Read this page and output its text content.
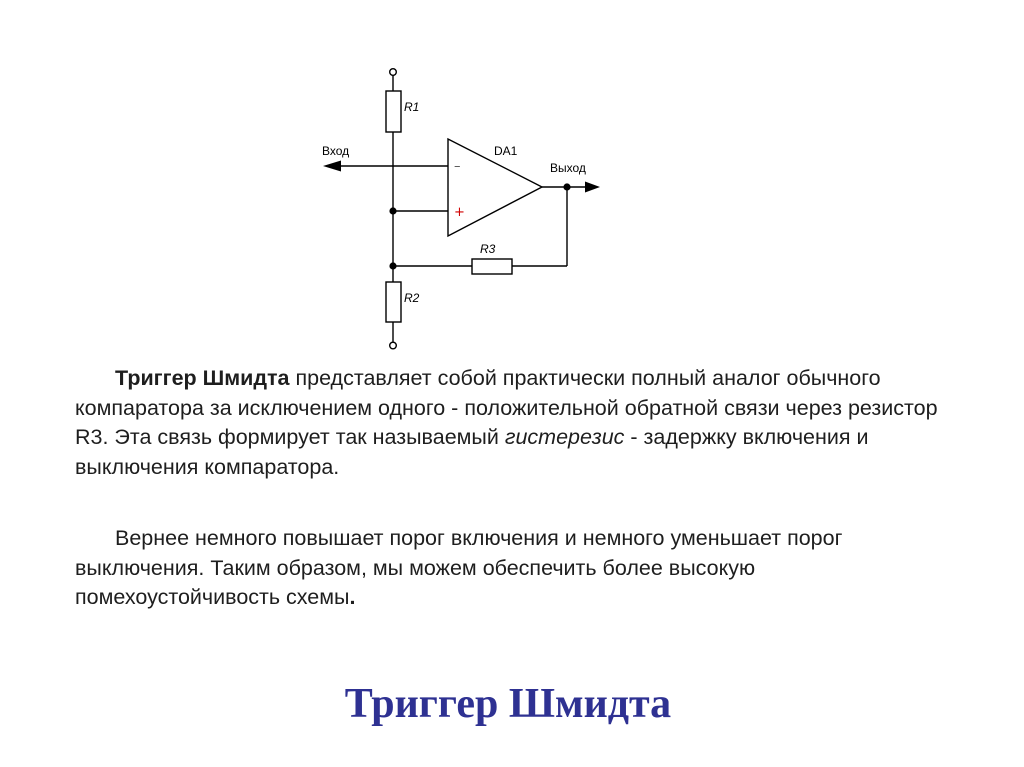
R1
R2
R3
DA1
Вход
Выход
–
+

Триггер Шмидта представляет собой практически полный аналог обычного компаратора за исключением одного - положительной обратной связи через резистор R3. Эта связь формирует так называемый гистерезис - задержку включения и выключения компаратора.

Вернее немного повышает порог включения и немного уменьшает порог выключения. Таким образом, мы можем обеспечить более высокую помехоустойчивость схемы.

Триггер Шмидта
